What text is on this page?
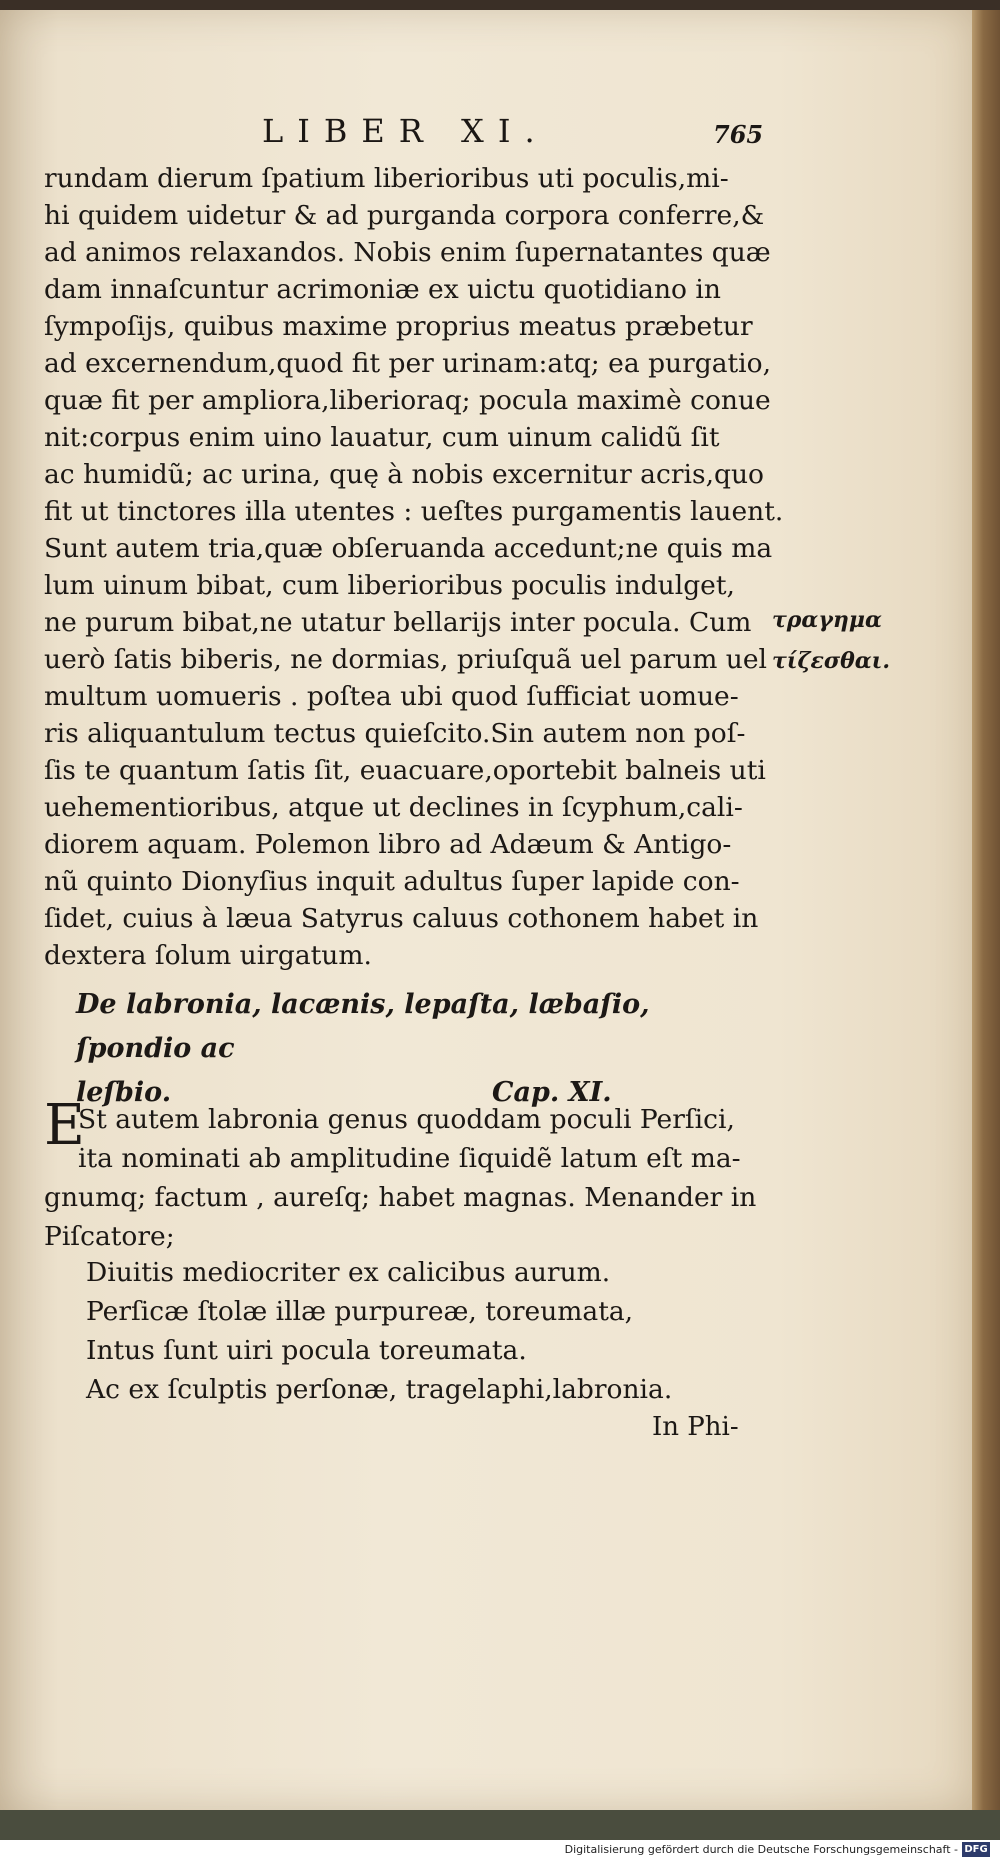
LIBER XI.	765
rundam dierum ſpatium liberioribus uti poculis,mi-
hi quidem uidetur & ad purganda corpora conferre,&
ad animos relaxandos. Nobis enim ſupernatantes quæ
dam innaſcuntur acrimoniæ ex uictu quotidiano in
ſympoſijs, quibus maxime proprius meatus præbetur
ad excernendum,quod fit per urinam:atq; ea purgatio,
quæ fit per ampliora,liberioraq; pocula maximè conue
nit:corpus enim uino lauatur, cum uinum calidũ ſit
ac humidũ; ac urina, quę à nobis excernitur acris,quo
fit ut tinctores illa utentes : ueſtes purgamentis lauent.
Sunt autem tria,quæ obſeruanda accedunt;ne quis ma
lum uinum bibat, cum liberioribus poculis indulget,
ne purum bibat,ne utatur bellarijs inter pocula. Cum
uerò ſatis biberis, ne dormias, priuſquã uel parum uel
multum uomueris . poſtea ubi quod ſufficiat uomue-
ris aliquantulum tectus quieſcito.Sin autem non poſ-
ſis te quantum ſatis ſit, euacuare,oportebit balneis uti
uehementioribus, atque ut declines in ſcyphum,cali-
diorem aquam. Polemon libro ad Adæum & Antigo-
nũ quinto Dionyſius inquit adultus ſuper lapide con-
ſidet, cuius à læua Satyrus caluus cothonem habet in
dextera ſolum uirgatum.
τραγημα
τίζεσθαι.
De labronia, lacænis, lepaſta, læbaſio, ſpondio ac
leſbio.	Cap. XI.
E
St autem labronia genus quoddam poculi Perſici,
ita nominati ab amplitudine ſiquidẽ latum eſt ma-
gnumq; factum , aureſq; habet magnas. Menander in
Piſcatore;
Diuitis mediocriter ex calicibus aurum.
Perſicæ ſtolæ illæ purpureæ, toreumata,
Intus ſunt uiri pocula toreumata.
Ac ex ſculptis perſonæ, tragelaphi,labronia.
In Phi-
Digitalisierung gefördert durch die Deutsche Forschungsgemeinschaft - DFG
